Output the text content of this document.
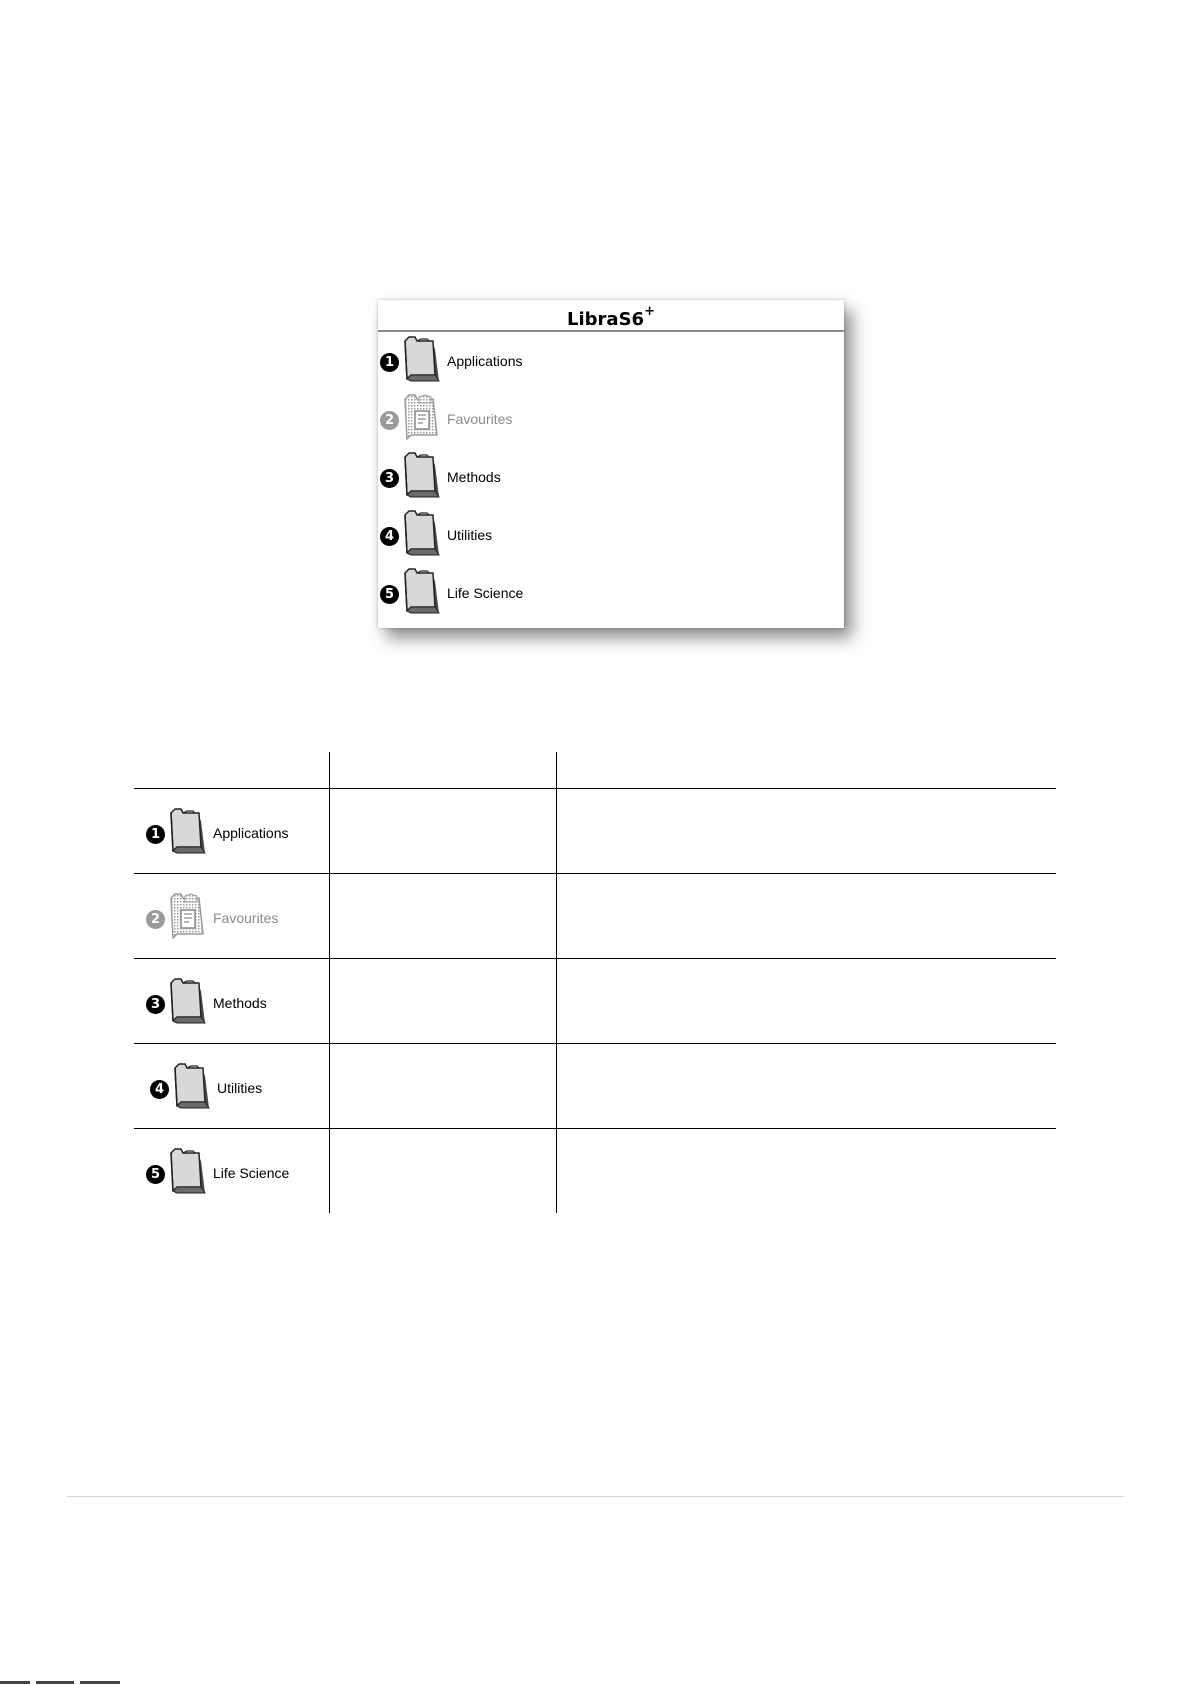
LibraS6+
1	Applications
2	Favourites
3	Methods
4	Utilities
5	Life Science

1 Applications		

2 Favourites		

3 Methods		

4 Utilities		

5 Life Science		
